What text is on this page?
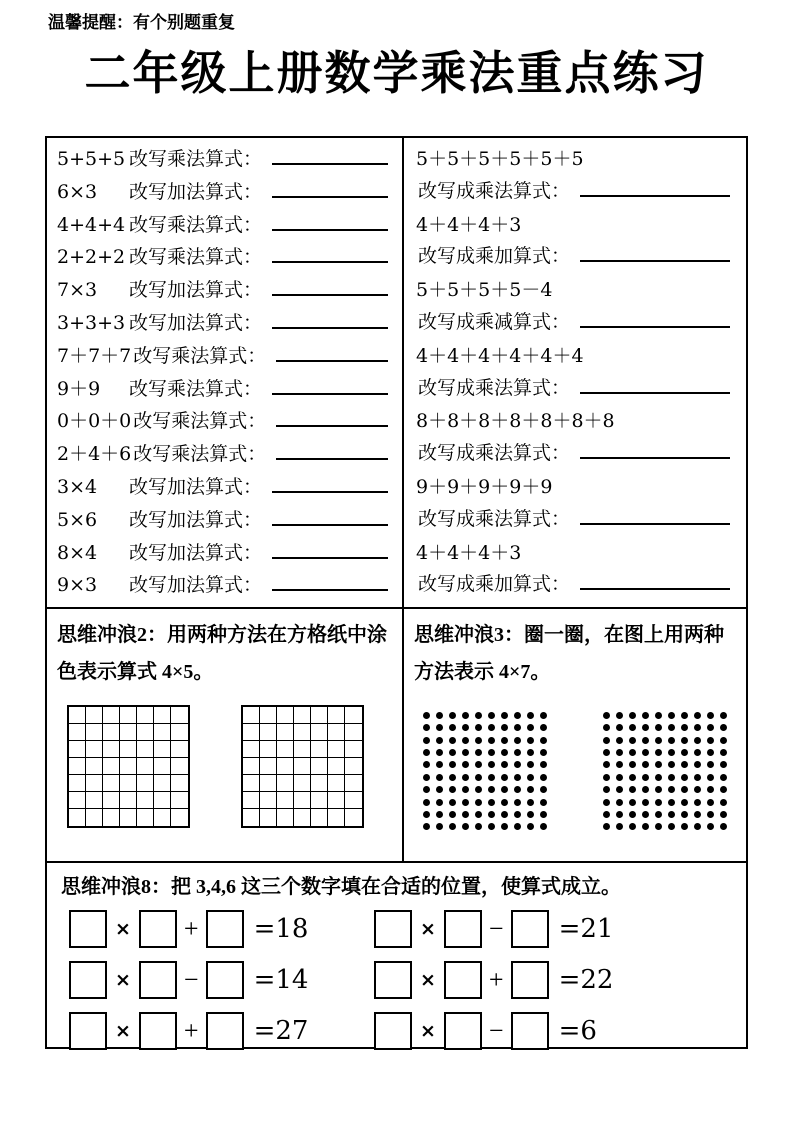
温馨提醒：有个别题重复
二年级上册数学乘法重点练习
5+5+5 改写乘法算式：
6×3	改写加法算式：
4+4+4 改写乘法算式：
2+2+2 改写乘法算式：
7×3	改写加法算式：
3+3+3 改写加法算式：
7＋7＋7 改写乘法算式：
9＋9	改写乘法算式：
0＋0＋0 改写乘法算式：
2＋4＋6 改写乘法算式：
3×4	改写加法算式：
5×6	改写加法算式：
8×4	改写加法算式：
9×3	改写加法算式：
5＋5＋5＋5＋5＋5
改写成乘法算式：
4＋4＋4＋3
改写成乘加算式：
5＋5＋5＋5－4
改写成乘减算式：
4＋4＋4＋4＋4＋4
改写成乘法算式：
8＋8＋8＋8＋8＋8＋8
改写成乘法算式：
9＋9＋9＋9＋9
改写成乘法算式：
4＋4＋4＋3
改写成乘加算式：
思维冲浪2：用两种方法在方格纸中涂色表示算式 4×5。
思维冲浪3：圈一圈，在图上用两种方法表示 4×7。
思维冲浪8：把 3,4,6 这三个数字填在合适的位置，使算式成立。
× + =18
× − =14
× + =27
× − =21
× + =22
× − =6
